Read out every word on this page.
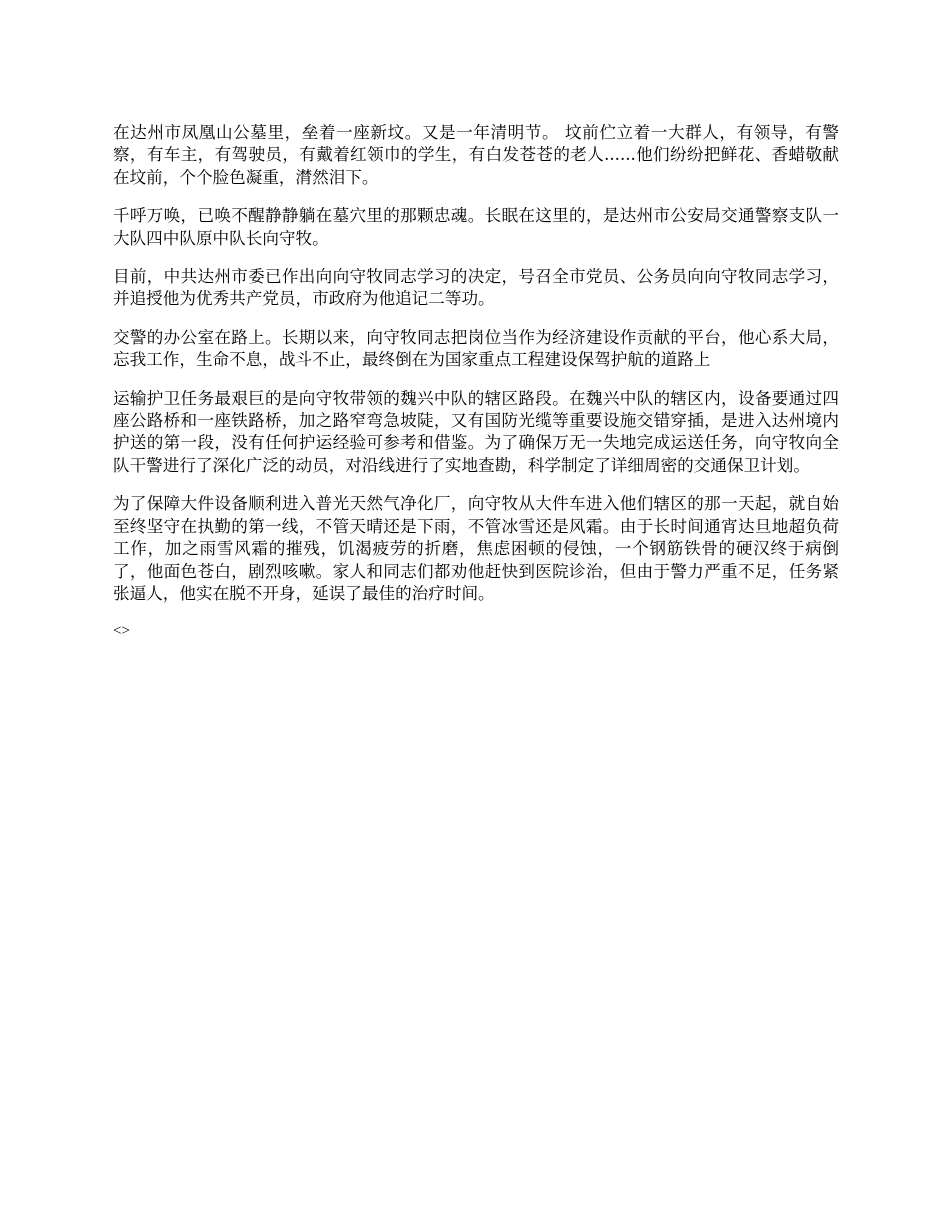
在达州市凤凰山公墓里，垒着一座新坟。又是一年清明节。 坟前伫立着一大群人，有领导，有警察，有车主，有驾驶员，有戴着红领巾的学生，有白发苍苍的老人......他们纷纷把鲜花、香蜡敬献在坟前，个个脸色凝重，潸然泪下。

千呼万唤，已唤不醒静静躺在墓穴里的那颗忠魂。长眠在这里的，是达州市公安局交通警察支队一大队四中队原中队长向守牧。

目前，中共达州市委已作出向向守牧同志学习的决定，号召全市党员、公务员向向守牧同志学习，并追授他为优秀共产党员，市政府为他追记二等功。

交警的办公室在路上。长期以来，向守牧同志把岗位当作为经济建设作贡献的平台，他心系大局，忘我工作，生命不息，战斗不止，最终倒在为国家重点工程建设保驾护航的道路上

运输护卫任务最艰巨的是向守牧带领的魏兴中队的辖区路段。在魏兴中队的辖区内，设备要通过四座公路桥和一座铁路桥，加之路窄弯急坡陡，又有国防光缆等重要设施交错穿插，是进入达州境内护送的第一段，没有任何护运经验可参考和借鉴。为了确保万无一失地完成运送任务，向守牧向全队干警进行了深化广泛的动员，对沿线进行了实地查勘，科学制定了详细周密的交通保卫计划。

为了保障大件设备顺利进入普光天然气净化厂，向守牧从大件车进入他们辖区的那一天起，就自始至终坚守在执勤的第一线，不管天晴还是下雨，不管冰雪还是风霜。由于长时间通宵达旦地超负荷工作，加之雨雪风霜的摧残，饥渴疲劳的折磨，焦虑困顿的侵蚀，一个钢筋铁骨的硬汉终于病倒了，他面色苍白，剧烈咳嗽。家人和同志们都劝他赶快到医院诊治，但由于警力严重不足，任务紧张逼人，他实在脱不开身，延误了最佳的治疗时间。

<>
